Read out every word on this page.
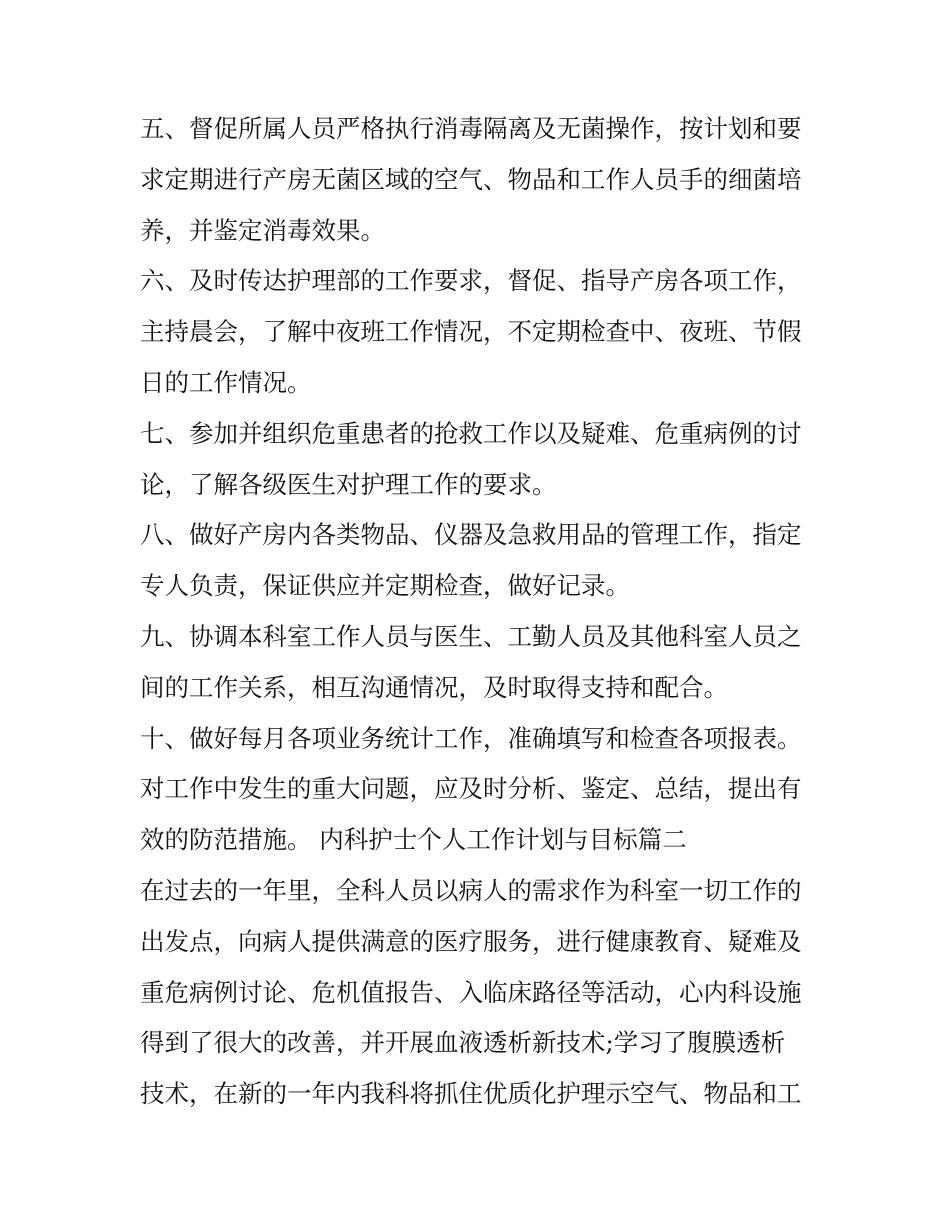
五、督促所属人员严格执行消毒隔离及无菌操作，按计划和要
求定期进行产房无菌区域的空气、物品和工作人员手的细菌培
养，并鉴定消毒效果。
六、及时传达护理部的工作要求，督促、指导产房各项工作，
主持晨会，了解中夜班工作情况，不定期检查中、夜班、节假
日的工作情况。
七、参加并组织危重患者的抢救工作以及疑难、危重病例的讨
论，了解各级医生对护理工作的要求。
八、做好产房内各类物品、仪器及急救用品的管理工作，指定
专人负责，保证供应并定期检查，做好记录。
九、协调本科室工作人员与医生、工勤人员及其他科室人员之
间的工作关系，相互沟通情况，及时取得支持和配合。
十、做好每月各项业务统计工作，准确填写和检查各项报表。
对工作中发生的重大问题，应及时分析、鉴定、总结，提出有
效的防范措施。 内科护士个人工作计划与目标篇二
在过去的一年里，全科人员以病人的需求作为科室一切工作的
出发点，向病人提供满意的医疗服务，进行健康教育、疑难及
重危病例讨论、危机值报告、入临床路径等活动，心内科设施
得到了很大的改善，并开展血液透析新技术;学习了腹膜透析
技术，在新的一年内我科将抓住优质化护理示空气、物品和工
